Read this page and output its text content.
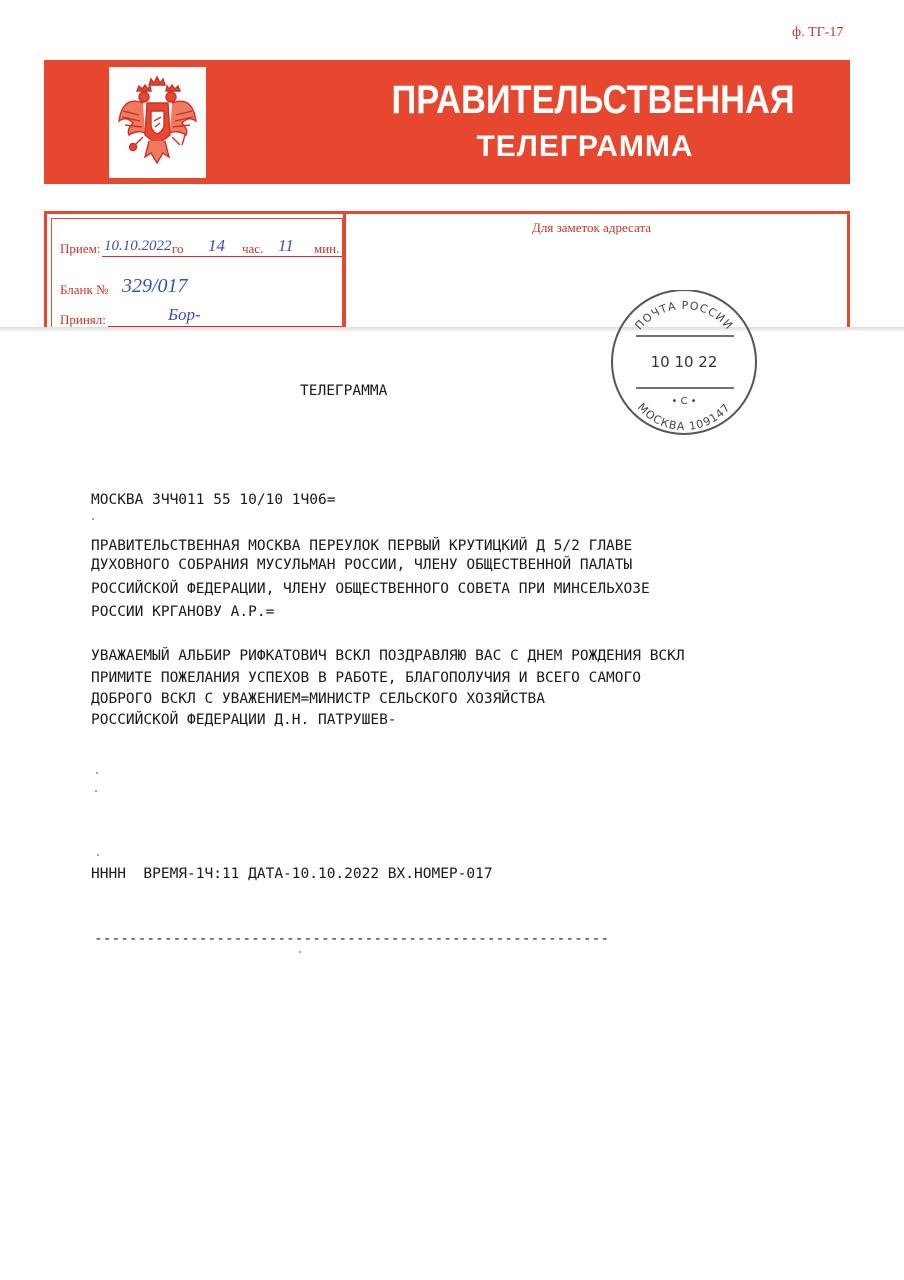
ф. ТГ-17
ПРАВИТЕЛЬСТВЕННАЯ
ТЕЛЕГРАММА
Прием: 10.10.2022 го 14 час. 11 мин.
Бланк № 329/017
Принял:	Бор-
Для заметок адресата
ПОЧТА РОССИИ
10 10 22
• С •
МОСКВА 109147
ТЕЛЕГРАММА
МОСКВА 3ЧЧ011 55 10/10 1Ч06=
ПРАВИТЕЛЬСТВЕННАЯ МОСКВА ПЕРЕУЛОК ПЕРВЫЙ КРУТИЦКИЙ Д 5/2 ГЛАВЕ
ДУХОВНОГО СОБРАНИЯ МУСУЛЬМАН РОССИИ, ЧЛЕНУ ОБЩЕСТВЕННОЙ ПАЛАТЫ
РОССИЙСКОЙ ФЕДЕРАЦИИ, ЧЛЕНУ ОБЩЕСТВЕННОГО СОВЕТА ПРИ МИНСЕЛЬХОЗЕ
РОССИИ КРГАНОВУ А.Р.=
УВАЖАЕМЫЙ АЛЬБИР РИФКАТОВИЧ ВСКЛ ПОЗДРАВЛЯЮ ВАС С ДНЕМ РОЖДЕНИЯ ВСКЛ
ПРИМИТЕ ПОЖЕЛАНИЯ УСПЕХОВ В РАБОТЕ, БЛАГОПОЛУЧИЯ И ВСЕГО САМОГО
ДОБРОГО ВСКЛ С УВАЖЕНИЕМ=МИНИСТР СЕЛЬСКОГО ХОЗЯЙСТВА
РОССИЙСКОЙ ФЕДЕРАЦИИ Д.Н. ПАТРУШЕВ-
НННН  ВРЕМЯ-1Ч:11 ДАТА-10.10.2022 ВХ.НОМЕР-017
-----------------------------------------------------------
